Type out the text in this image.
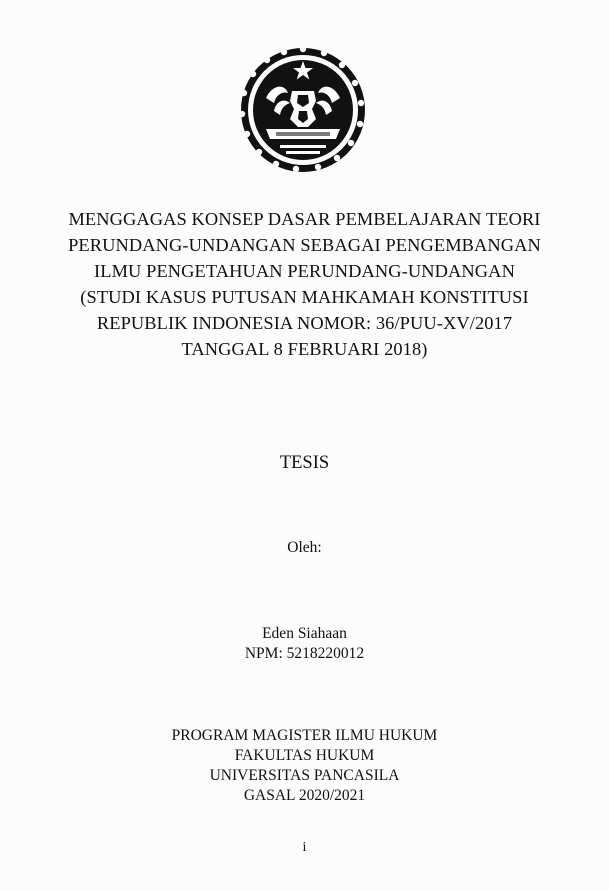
MENGGAGAS KONSEP DASAR PEMBELAJARAN TEORI
PERUNDANG-UNDANGAN SEBAGAI PENGEMBANGAN
ILMU PENGETAHUAN PERUNDANG-UNDANGAN
(STUDI KASUS PUTUSAN MAHKAMAH KONSTITUSI
REPUBLIK INDONESIA NOMOR: 36/PUU-XV/2017
TANGGAL 8 FEBRUARI 2018)
TESIS
Oleh:
Eden Siahaan
NPM: 5218220012
PROGRAM MAGISTER ILMU HUKUM
FAKULTAS HUKUM
UNIVERSITAS PANCASILA
GASAL 2020/2021
i
